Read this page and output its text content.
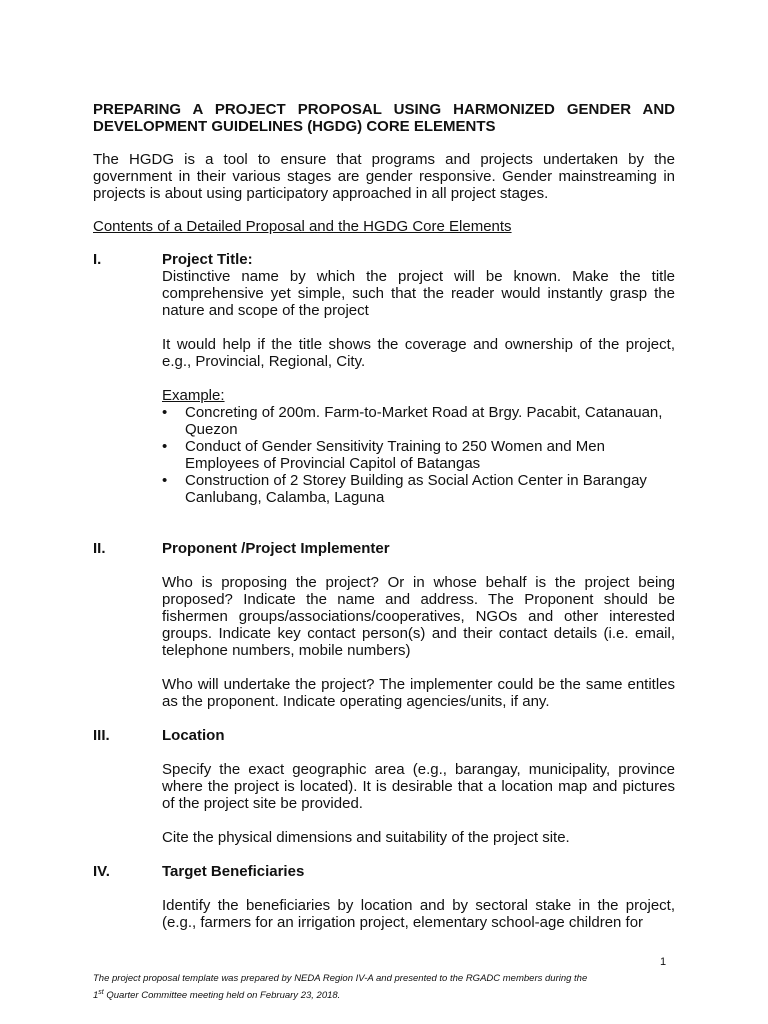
PREPARING A PROJECT PROPOSAL USING HARMONIZED GENDER AND DEVELOPMENT GUIDELINES (HGDG) CORE ELEMENTS

The HGDG is a tool to ensure that programs and projects undertaken by the government in their various stages are gender responsive. Gender mainstreaming in projects is about using participatory approached in all project stages.

Contents of a Detailed Proposal and the HGDG Core Elements

I.	Project Title:

Distinctive name by which the project will be known. Make the title comprehensive yet simple, such that the reader would instantly grasp the nature and scope of the project

It would help if the title shows the coverage and ownership of the project, e.g., Provincial, Regional, City.

Example:
• Concreting of 200m. Farm-to-Market Road at Brgy. Pacabit, Catanauan, Quezon
• Conduct of Gender Sensitivity Training to 250 Women and Men Employees of Provincial Capitol of Batangas
• Construction of 2 Storey Building as Social Action Center in Barangay Canlubang, Calamba, Laguna
II.	Proponent /Project Implementer

Who is proposing the project? Or in whose behalf is the project being proposed? Indicate the name and address. The Proponent should be fishermen groups/associations/cooperatives, NGOs and other interested groups. Indicate key contact person(s) and their contact details (i.e. email, telephone numbers, mobile numbers)

Who will undertake the project? The implementer could be the same entitles as the proponent. Indicate operating agencies/units, if any.

III.	Location

Specify the exact geographic area (e.g., barangay, municipality, province where the project is located). It is desirable that a location map and pictures of the project site be provided.

Cite the physical dimensions and suitability of the project site.

IV.	Target Beneficiaries

Identify the beneficiaries by location and by sectoral stake in the project, (e.g., farmers for an irrigation project, elementary school-age children for

1
The project proposal template was prepared by NEDA Region IV-A and presented to the RGADC members during the
1st Quarter Committee meeting held on February 23, 2018.
